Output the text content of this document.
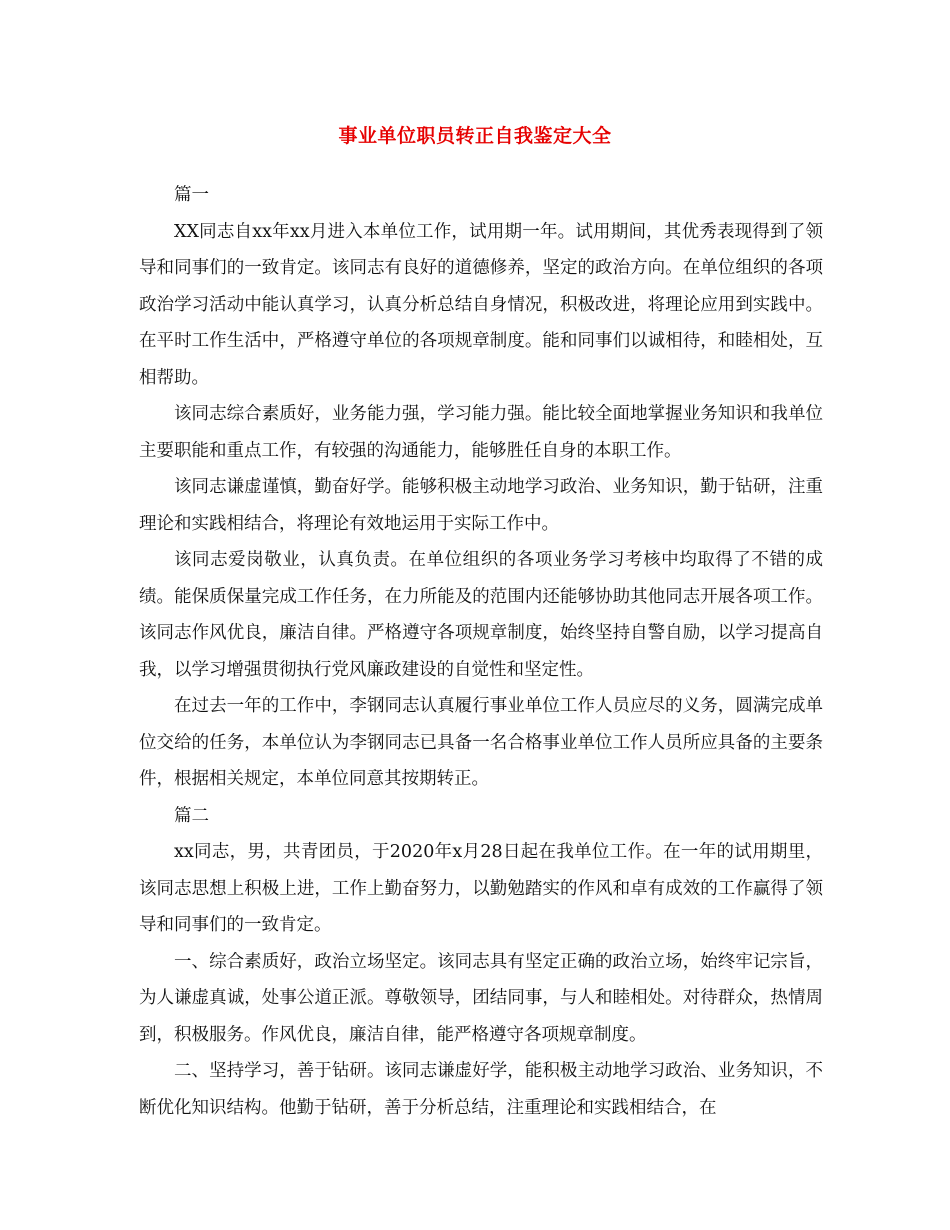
事业单位职员转正自我鉴定大全

篇一

XX同志自xx年xx月进入本单位工作，试用期一年。试用期间，其优秀表现得到了领导和同事们的一致肯定。该同志有良好的道德修养，坚定的政治方向。在单位组织的各项政治学习活动中能认真学习，认真分析总结自身情况，积极改进，将理论应用到实践中。在平时工作生活中，严格遵守单位的各项规章制度。能和同事们以诚相待，和睦相处，互相帮助。

该同志综合素质好，业务能力强，学习能力强。能比较全面地掌握业务知识和我单位主要职能和重点工作，有较强的沟通能力，能够胜任自身的本职工作。

该同志谦虚谨慎，勤奋好学。能够积极主动地学习政治、业务知识，勤于钻研，注重理论和实践相结合，将理论有效地运用于实际工作中。

该同志爱岗敬业，认真负责。在单位组织的各项业务学习考核中均取得了不错的成绩。能保质保量完成工作任务，在力所能及的范围内还能够协助其他同志开展各项工作。该同志作风优良，廉洁自律。严格遵守各项规章制度，始终坚持自警自励，以学习提高自我，以学习增强贯彻执行党风廉政建设的自觉性和坚定性。

在过去一年的工作中，李钢同志认真履行事业单位工作人员应尽的义务，圆满完成单位交给的任务，本单位认为李钢同志已具备一名合格事业单位工作人员所应具备的主要条件，根据相关规定，本单位同意其按期转正。

篇二

xx同志，男，共青团员，于2020年x月28日起在我单位工作。在一年的试用期里，该同志思想上积极上进，工作上勤奋努力，以勤勉踏实的作风和卓有成效的工作赢得了领导和同事们的一致肯定。

一、综合素质好，政治立场坚定。该同志具有坚定正确的政治立场，始终牢记宗旨，为人谦虚真诚，处事公道正派。尊敬领导，团结同事，与人和睦相处。对待群众，热情周到，积极服务。作风优良，廉洁自律，能严格遵守各项规章制度。

二、坚持学习，善于钻研。该同志谦虚好学，能积极主动地学习政治、业务知识，不断优化知识结构。他勤于钻研，善于分析总结，注重理论和实践相结合，在
